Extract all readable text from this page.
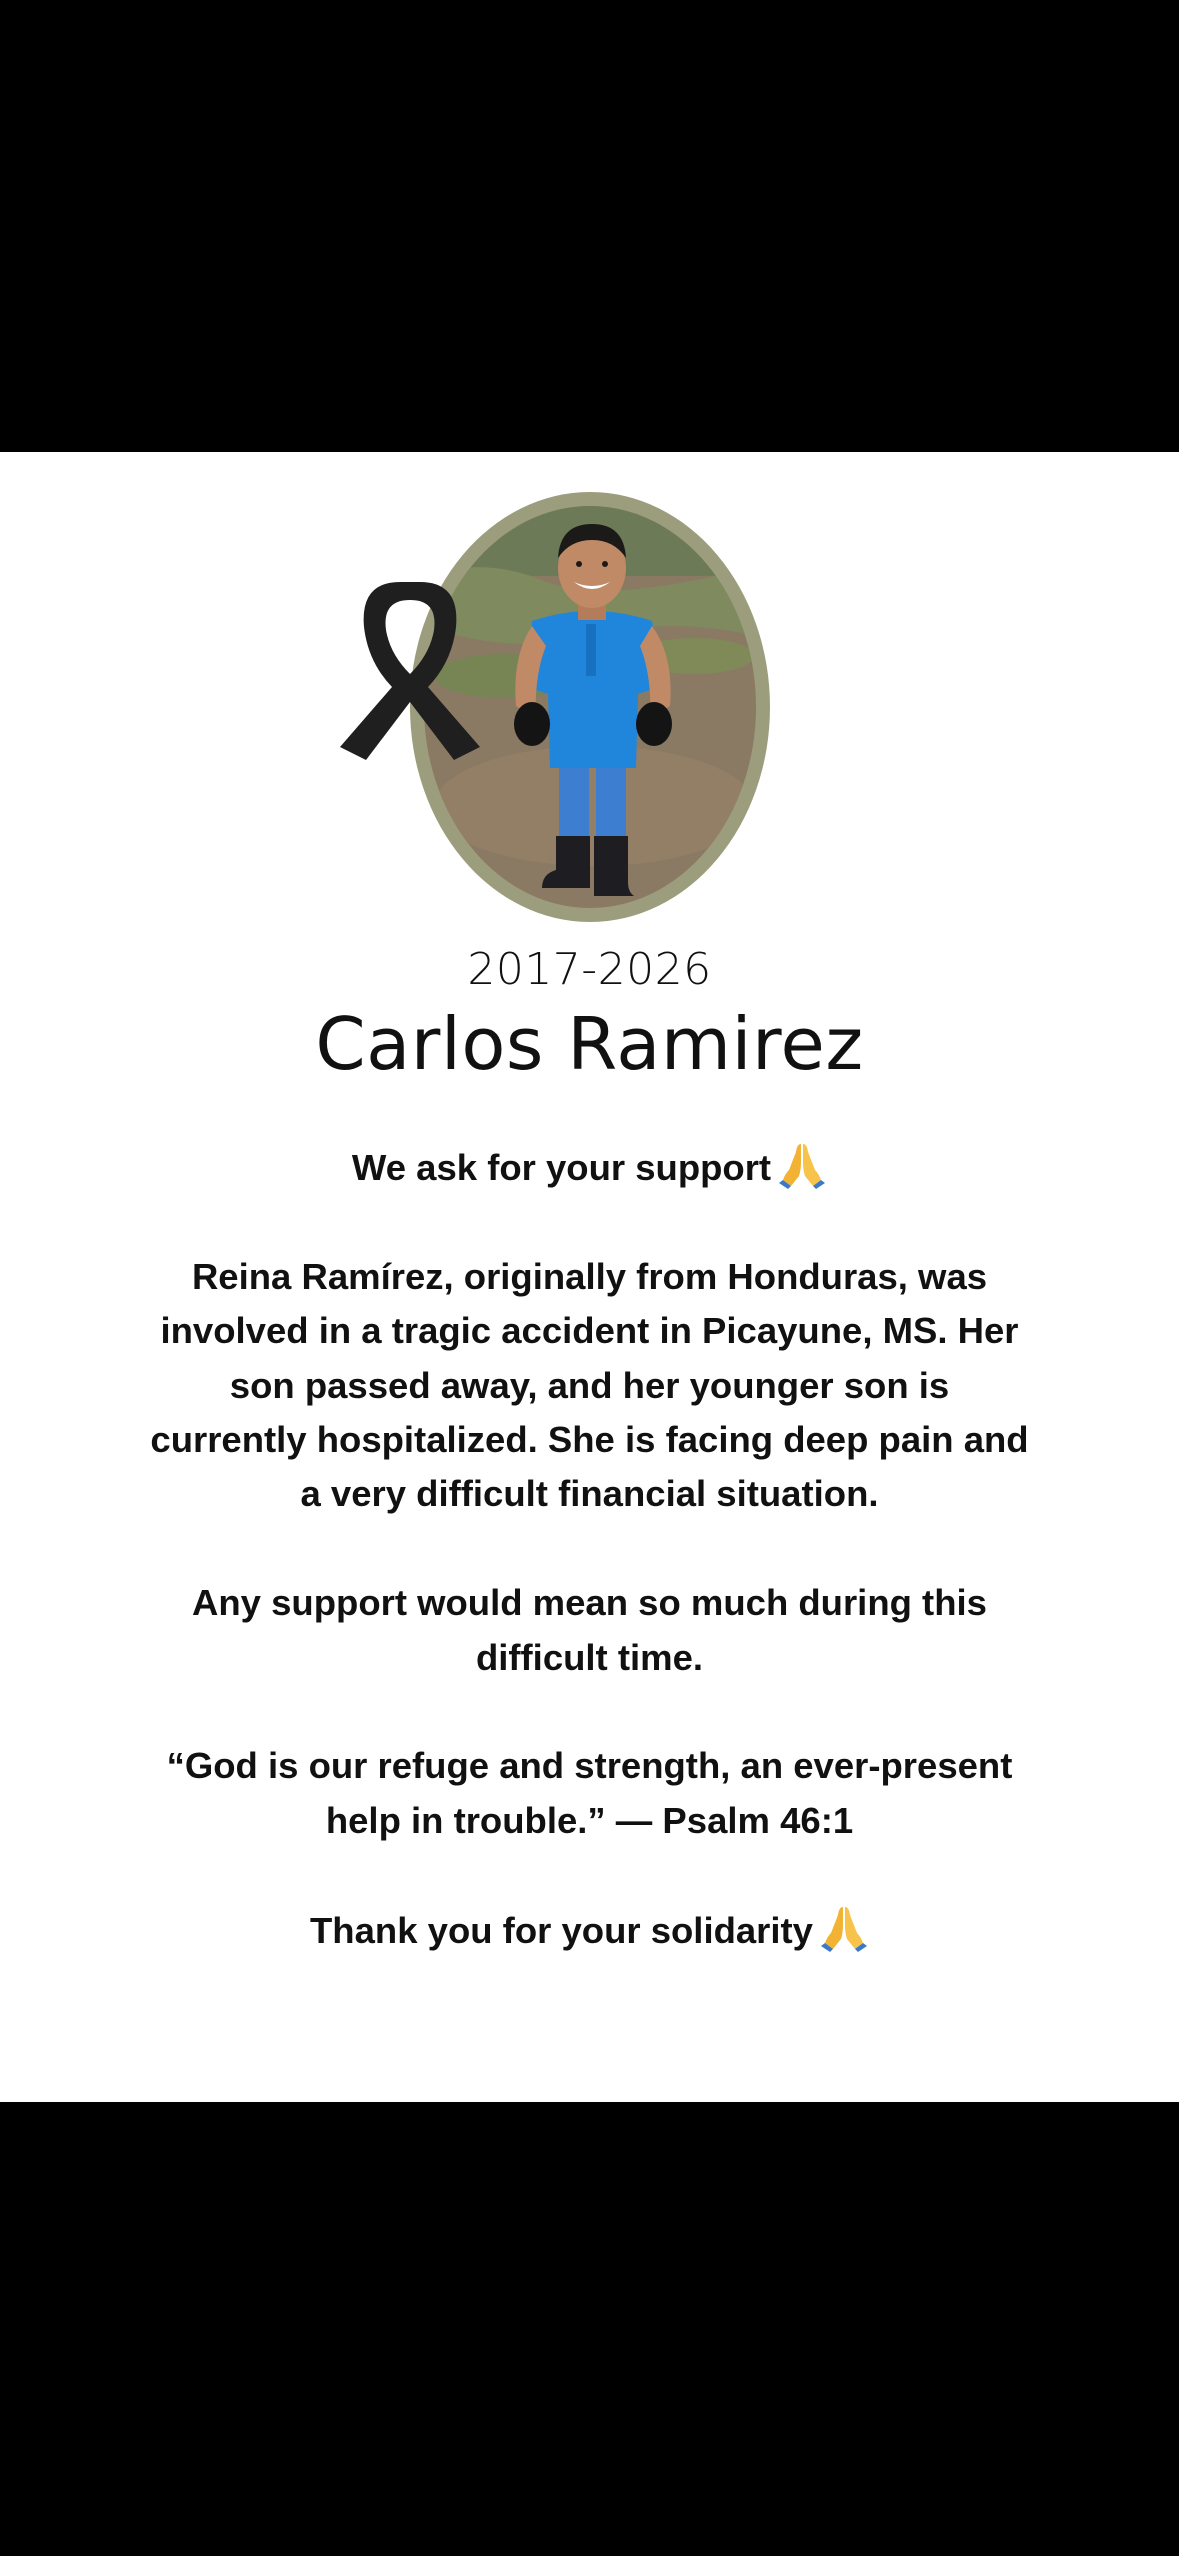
2017-2026
Carlos Ramirez

We ask for your support

Reina Ramírez, originally from Honduras, was involved in a tragic accident in Picayune, MS. Her son passed away, and her younger son is currently hospitalized. She is facing deep pain and a very difficult financial situation.

Any support would mean so much during this difficult time.

“God is our refuge and strength, an ever-present help in trouble.” — Psalm 46:1

Thank you for your solidarity
